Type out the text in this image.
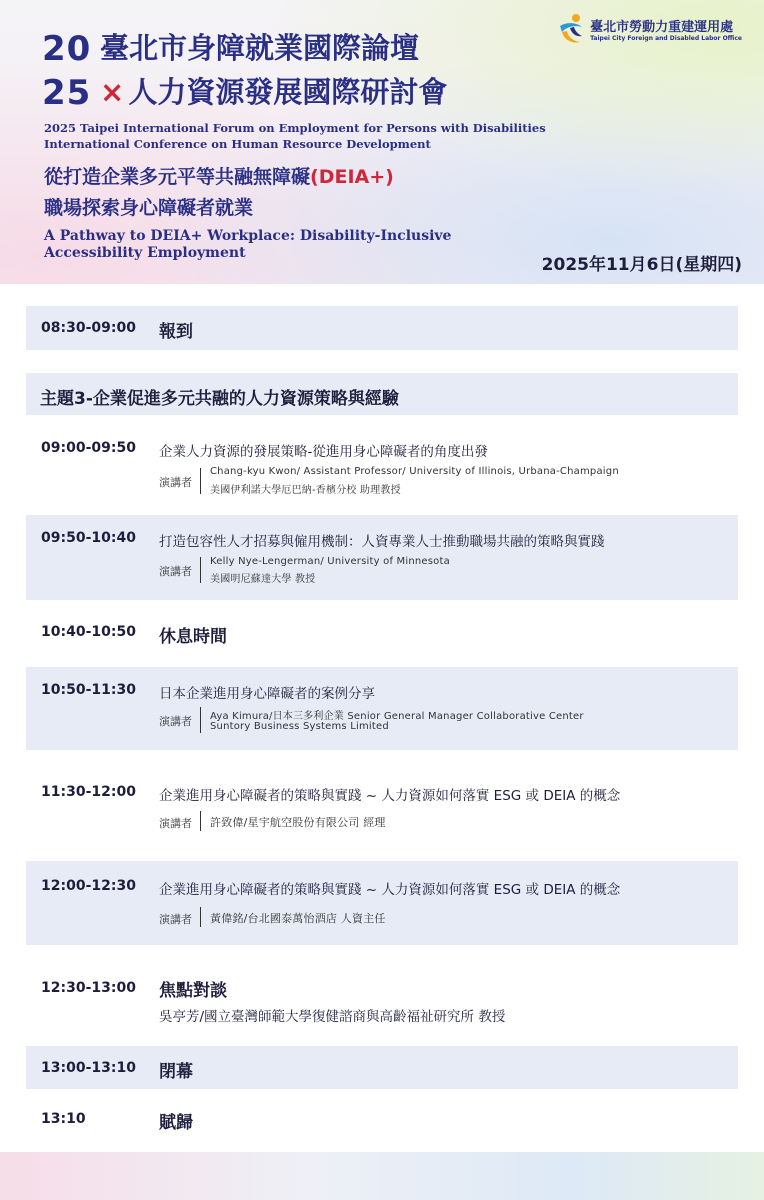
臺北市勞動力重建運用處
Taipei City Foreign and Disabled Labor Office
20
25
臺北市身障就業國際論壇
× 人力資源發展國際研討會
2025 Taipei International Forum on Employment for Persons with Disabilities
International Conference on Human Resource Development
從打造企業多元平等共融無障礙(DEIA+)
職場探索身心障礙者就業
A Pathway to DEIA+ Workplace: Disability-Inclusive
Accessibility Employment
2025年11月6日(星期四)
08:30-09:00 報到
主題3-企業促進多元共融的人力資源策略與經驗
09:00-09:50 企業人力資源的發展策略-從進用身心障礙者的角度出發
演講者
Chang-kyu Kwon/ Assistant Professor/ University of Illinois, Urbana-Champaign
美國伊利諾大學厄巴納-香檳分校 助理教授
09:50-10:40 打造包容性人才招募與僱用機制：人資專業人士推動職場共融的策略與實踐
演講者
Kelly Nye-Lengerman/ University of Minnesota
美國明尼蘇達大學 教授
10:40-10:50 休息時間
10:50-11:30 日本企業進用身心障礙者的案例分享
演講者 Aya Kimura/日本三多利企業 Senior General Manager Collaborative Center
Suntory Business Systems Limited
11:30-12:00 企業進用身心障礙者的策略與實踐 ~ 人力資源如何落實 ESG 或 DEIA 的概念
演講者 許致偉/星宇航空股份有限公司 經理
12:00-12:30 企業進用身心障礙者的策略與實踐 ~ 人力資源如何落實 ESG 或 DEIA 的概念
演講者 黃偉銘/台北國泰萬怡酒店 人資主任
12:30-13:00 焦點對談
吳亭芳/國立臺灣師範大學復健諮商與高齡福祉研究所 教授
13:00-13:10 閉幕
13:10	賦歸
